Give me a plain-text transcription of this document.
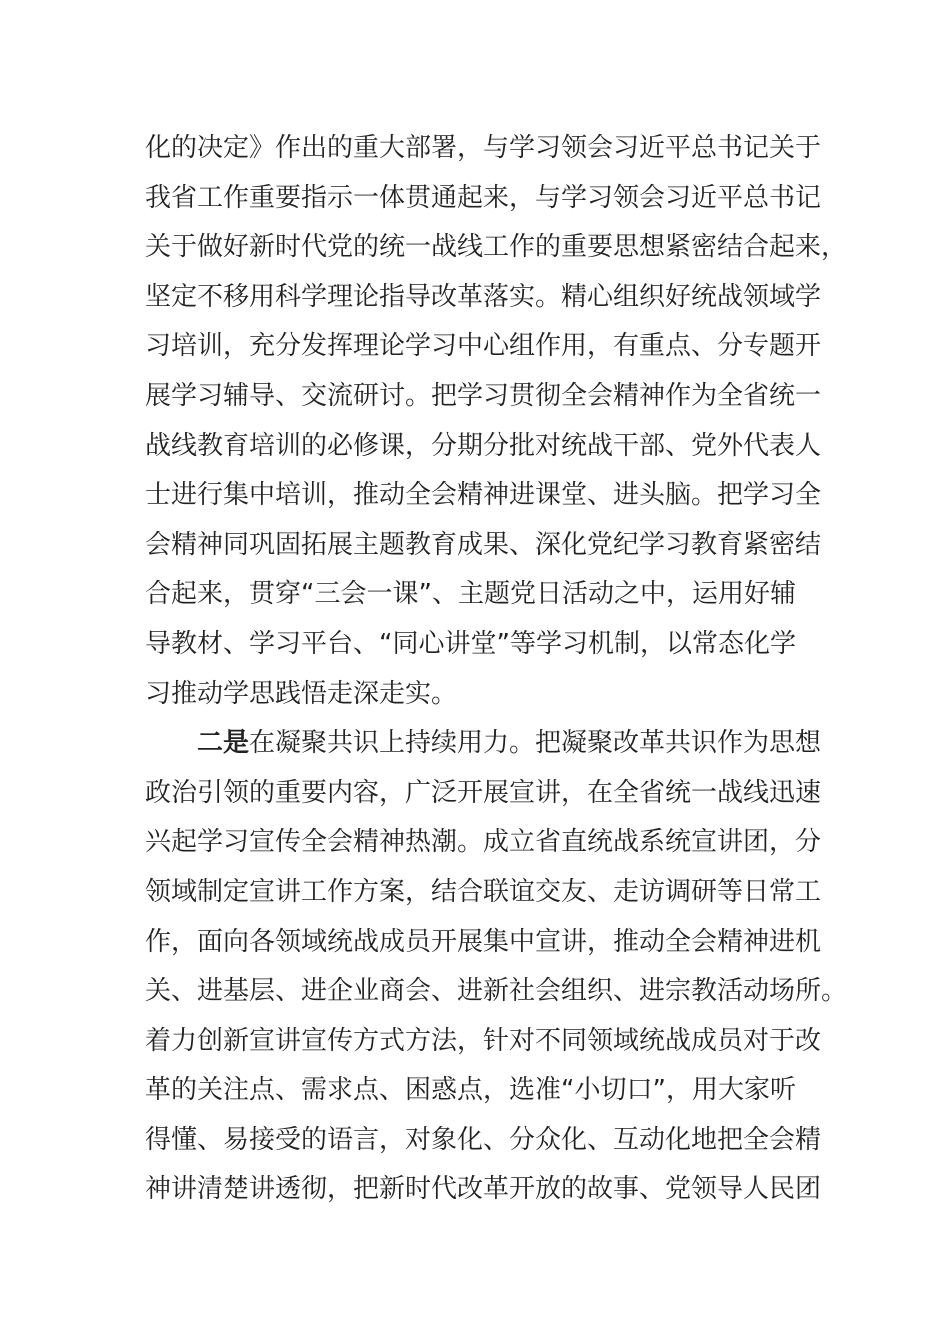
化的决定》作出的重大部署，与学习领会习近平总书记关于
我省工作重要指示一体贯通起来，与学习领会习近平总书记
关于做好新时代党的统一战线工作的重要思想紧密结合起来，
坚定不移用科学理论指导改革落实。精心组织好统战领域学
习培训，充分发挥理论学习中心组作用，有重点、分专题开
展学习辅导、交流研讨。把学习贯彻全会精神作为全省统一
战线教育培训的必修课，分期分批对统战干部、党外代表人
士进行集中培训，推动全会精神进课堂、进头脑。把学习全
会精神同巩固拓展主题教育成果、深化党纪学习教育紧密结
合起来，贯穿“三会一课”、主题党日活动之中，运用好辅
导教材、学习平台、“同心讲堂”等学习机制，以常态化学
习推动学思践悟走深走实。
二是在凝聚共识上持续用力。把凝聚改革共识作为思想
政治引领的重要内容，广泛开展宣讲，在全省统一战线迅速
兴起学习宣传全会精神热潮。成立省直统战系统宣讲团，分
领域制定宣讲工作方案，结合联谊交友、走访调研等日常工
作，面向各领域统战成员开展集中宣讲，推动全会精神进机
关、进基层、进企业商会、进新社会组织、进宗教活动场所。
着力创新宣讲宣传方式方法，针对不同领域统战成员对于改
革的关注点、需求点、困惑点，选准“小切口”，用大家听
得懂、易接受的语言，对象化、分众化、互动化地把全会精
神讲清楚讲透彻，把新时代改革开放的故事、党领导人民团
